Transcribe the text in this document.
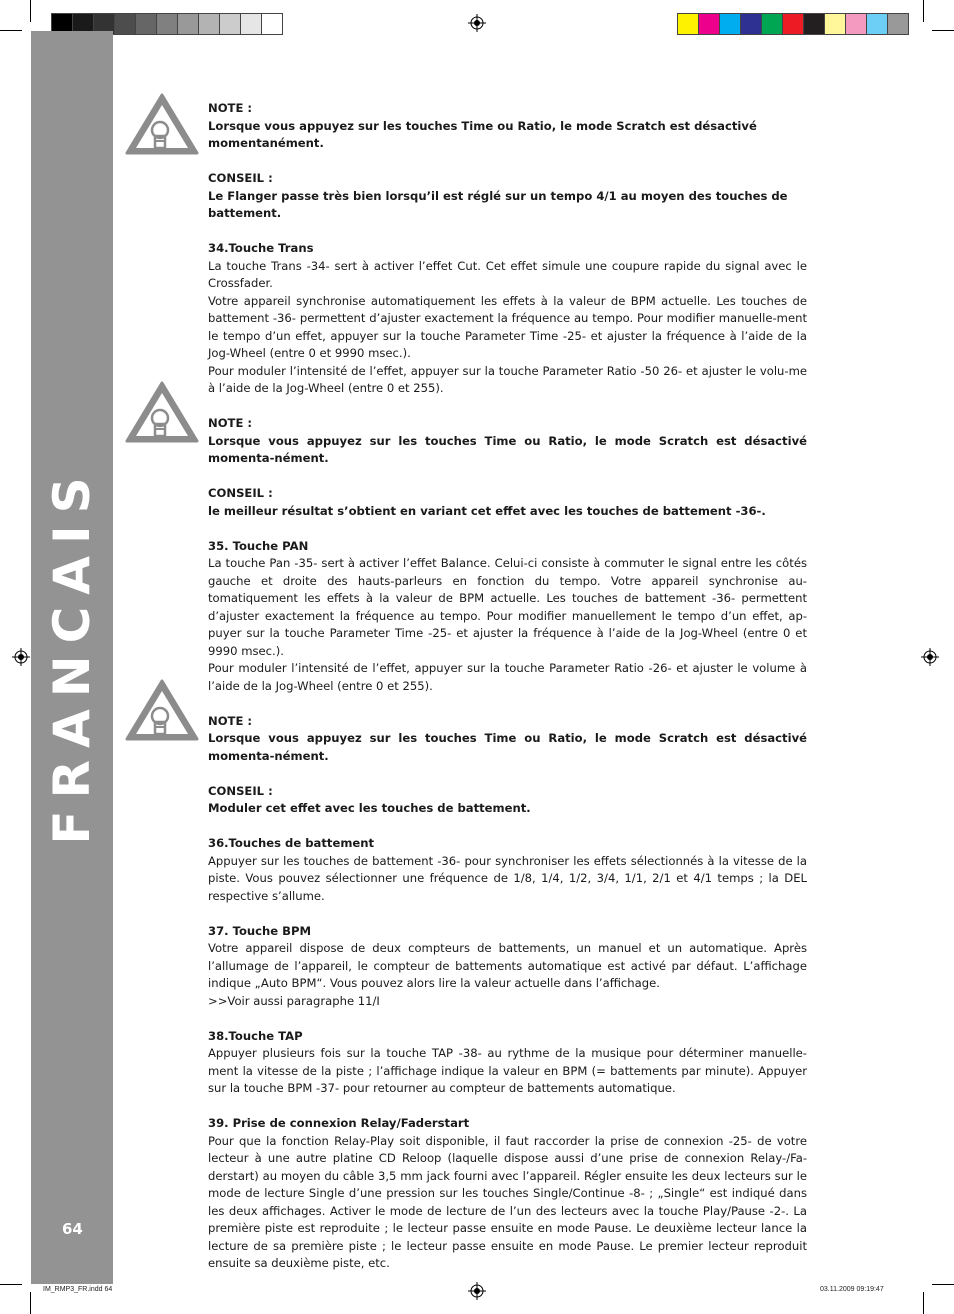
FRANCAIS
64
NOTE :
Lorsque vous appuyez sur les touches Time ou Ratio, le mode Scratch est désactivé momentanément.
CONSEIL :
Le Flanger passe très bien lorsqu’il est réglé sur un tempo 4/1 au moyen des touches de battement.
34.Touche Trans
La touche Trans -34- sert à activer l’effet Cut. Cet effet simule une coupure rapide du signal avec le Crossfader.
Votre appareil synchronise automatiquement les effets à la valeur de BPM actuelle. Les touches de battement -36- permettent d’ajuster exactement la fréquence au tempo. Pour modifier manuelle-ment le tempo d’un effet, appuyer sur la touche Parameter Time -25- et ajuster la fréquence à l’aide de la Jog-Wheel (entre 0 et 9990 msec.).
Pour moduler l’intensité de l’effet, appuyer sur la touche Parameter Ratio -50 26- et ajuster le volu-me à l’aide de la Jog-Wheel (entre 0 et 255).
NOTE :
Lorsque vous appuyez sur les touches Time ou Ratio, le mode Scratch est désactivé momenta-nément.
CONSEIL :
le meilleur résultat s’obtient en variant cet effet avec les touches de battement -36-.
35. Touche PAN
La touche Pan -35- sert à activer l’effet Balance. Celui-ci consiste à commuter le signal entre les côtés gauche et droite des hauts-parleurs en fonction du tempo. Votre appareil synchronise au-tomatiquement les effets à la valeur de BPM actuelle. Les touches de battement -36- permettent d’ajuster exactement la fréquence au tempo. Pour modifier manuellement le tempo d’un effet, ap-puyer sur la touche Parameter Time -25- et ajuster la fréquence à l’aide de la Jog-Wheel (entre 0 et 9990 msec.).
Pour moduler l’intensité de l’effet, appuyer sur la touche Parameter Ratio -26- et ajuster le volume à l’aide de la Jog-Wheel (entre 0 et 255).
NOTE :
Lorsque vous appuyez sur les touches Time ou Ratio, le mode Scratch est désactivé momenta-nément.
CONSEIL :
Moduler cet effet avec les touches de battement.
36.Touches de battement
Appuyer sur les touches de battement -36- pour synchroniser les effets sélectionnés à la vitesse de la piste. Vous pouvez sélectionner une fréquence de 1/8, 1/4, 1/2, 3/4, 1/1, 2/1 et 4/1 temps ; la DEL respective s’allume.
37. Touche BPM
Votre appareil dispose de deux compteurs de battements, un manuel et un automatique. Après l’allumage de l’appareil, le compteur de battements automatique est activé par défaut. L’affichage indique „Auto BPM“. Vous pouvez alors lire la valeur actuelle dans l’affichage.
>>Voir aussi paragraphe 11/I
38.Touche TAP
Appuyer plusieurs fois sur la touche TAP -38- au rythme de la musique pour déterminer manuelle-ment la vitesse de la piste ; l’affichage indique la valeur en BPM (= battements par minute). Appuyer sur la touche BPM -37- pour retourner au compteur de battements automatique.
39. Prise de connexion Relay/Faderstart
Pour que la fonction Relay-Play soit disponible, il faut raccorder la prise de connexion -25- de votre lecteur à une autre platine CD Reloop (laquelle dispose aussi d’une prise de connexion Relay-/Fa-derstart) au moyen du câble 3,5 mm jack fourni avec l’appareil. Régler ensuite les deux lecteurs sur le mode de lecture Single d’une pression sur les touches Single/Continue -8- ; „Single“ est indiqué dans les deux affichages. Activer le mode de lecture de l’un des lecteurs avec la touche Play/Pause -2-. La première piste est reproduite ; le lecteur passe ensuite en mode Pause. Le deuxième lecteur lance la lecture de sa première piste ; le lecteur passe ensuite en mode Pause. Le premier lecteur reproduit ensuite sa deuxième piste, etc.
IM_RMP3_FR.indd 64	03.11.2009 09:19:47
